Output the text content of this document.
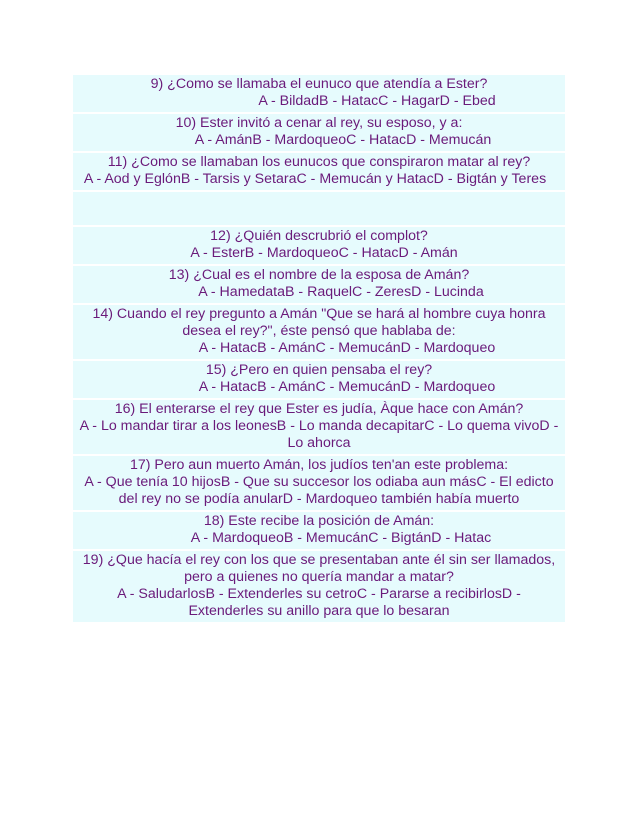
9) ¿Como se llamaba el eunuco que atendía a Ester?
A - BildadB - HatacC - HagarD - Ebed

10) Ester invitó a cenar al rey, su esposo, y a:
A - AmánB - MardoqueoC - HatacD - Memucán

11) ¿Como se llamaban los eunucos que conspiraron matar al rey?
A - Aod y EglónB - Tarsis y SetaraC - Memucán y HatacD - Bigtán y Teres

12) ¿Quién descrubrió el complot?
A - EsterB - MardoqueoC - HatacD - Amán

13) ¿Cual es el nombre de la esposa de Amán?
A - HamedataB - RaquelC - ZeresD - Lucinda

14) Cuando el rey pregunto a Amán "Que se hará al hombre cuya honra desea el rey?", éste pensó que hablaba de:
A - HatacB - AmánC - MemucánD - Mardoqueo

15) ¿Pero en quien pensaba el rey?
A - HatacB - AmánC - MemucánD - Mardoqueo

16) El enterarse el rey que Ester es judía, Àque hace con Amán?
A - Lo mandar tirar a los leonesB - Lo manda decapitarC - Lo quema vivoD - Lo ahorca

17) Pero aun muerto Amán, los judíos ten'an este problema:
A - Que tenía 10 hijosB - Que su succesor los odiaba aun másC - El edicto del rey no se podía anularD - Mardoqueo también había muerto

18) Este recibe la posición de Amán:
A - MardoqueoB - MemucánC - BigtánD - Hatac

19) ¿Que hacía el rey con los que se presentaban ante él sin ser llamados, pero a quienes no quería mandar a matar?
A - SaludarlosB - Extenderles su cetroC - Pararse a recibirlosD - Extenderles su anillo para que lo besaran
